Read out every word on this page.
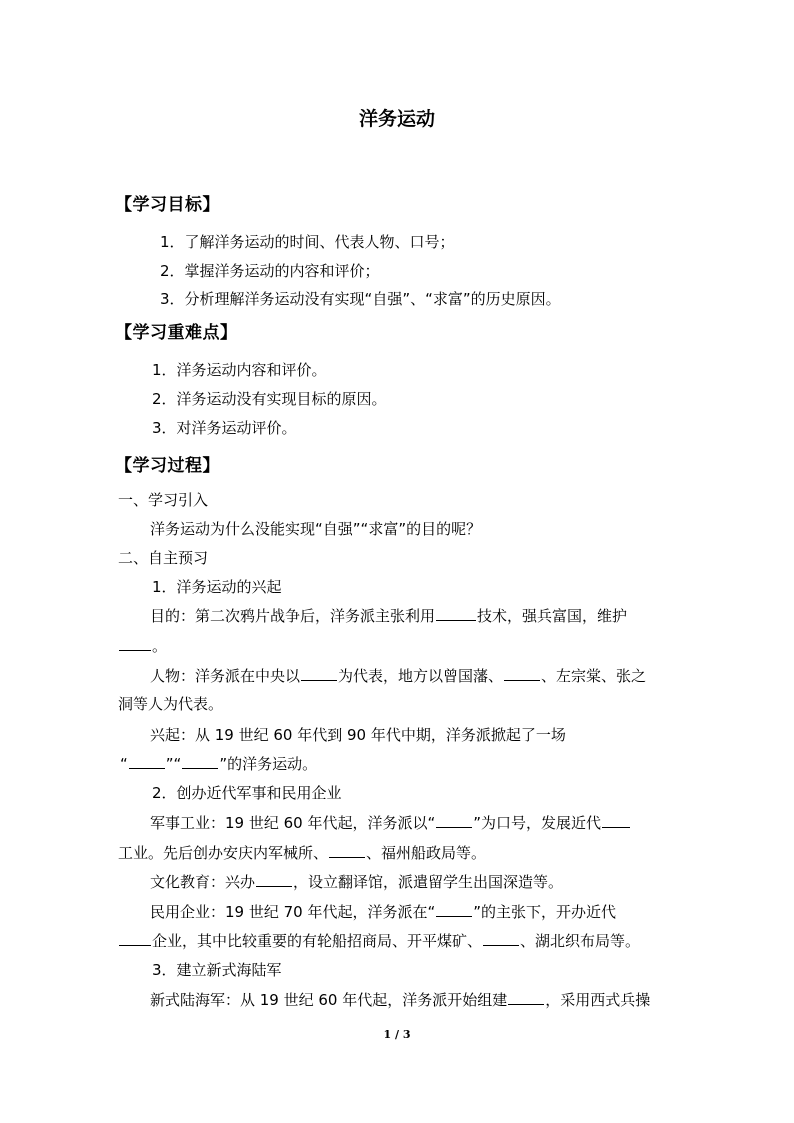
洋务运动
【学习目标】
1．了解洋务运动的时间、代表人物、口号；
2．掌握洋务运动的内容和评价；
3．分析理解洋务运动没有实现“自强”、“求富”的历史原因。
【学习重难点】
1．洋务运动内容和评价。
2．洋务运动没有实现目标的原因。
3．对洋务运动评价。
【学习过程】
一、学习引入
洋务运动为什么没能实现“自强”“求富”的目的呢？
二、自主预习
1．洋务运动的兴起
目的：第二次鸦片战争后，洋务派主张利用	技术，强兵富国，维护
。
人物：洋务派在中央以	为代表，地方以曾国藩、	、左宗棠、张之
洞等人为代表。
兴起：从 19 世纪 60 年代到 90 年代中期，洋务派掀起了一场
“	”“	”的洋务运动。
2．创办近代军事和民用企业
军事工业：19 世纪 60 年代起，洋务派以“	”为口号，发展近代
工业。先后创办安庆内军械所、	、福州船政局等。
文化教育：兴办	，设立翻译馆，派遣留学生出国深造等。
民用企业：19 世纪 70 年代起，洋务派在“	”的主张下，开办近代
企业，其中比较重要的有轮船招商局、开平煤矿、	、湖北织布局等。
3．建立新式海陆军
新式陆海军：从 19 世纪 60 年代起，洋务派开始组建	，采用西式兵操
1 / 3
